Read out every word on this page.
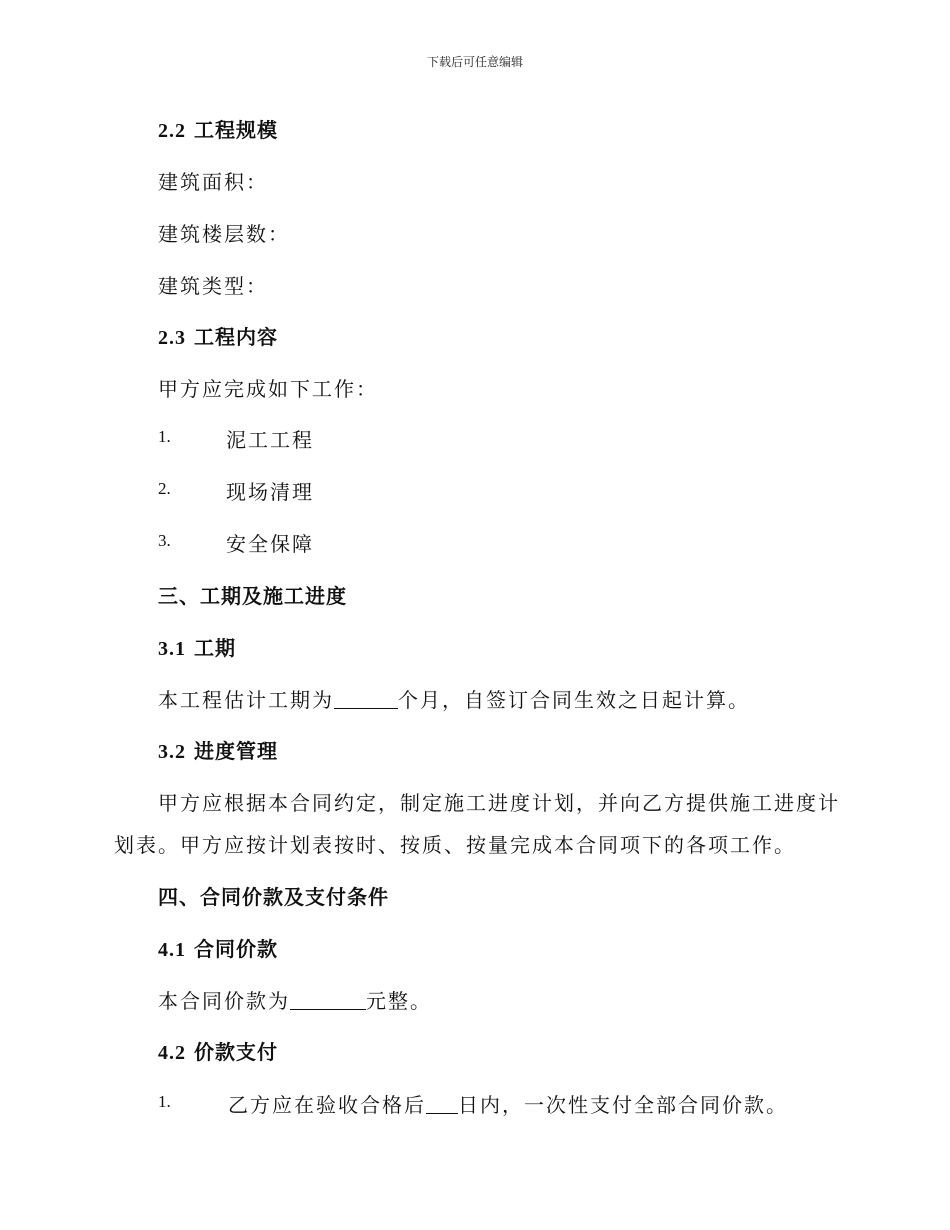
下载后可任意编辑
2.2 工程规模
建筑面积：
建筑楼层数：
建筑类型：
2.3 工程内容
甲方应完成如下工作：
1.	泥工工程
2.	现场清理
3.	安全保障
三、工期及施工进度
3.1 工期
本工程估计工期为	个月，自签订合同生效之日起计算。
3.2 进度管理
甲方应根据本合同约定，制定施工进度计划，并向乙方提供施工进度计
划表。甲方应按计划表按时、按质、按量完成本合同项下的各项工作。
四、合同价款及支付条件
4.1 合同价款
本合同价款为	元整。
4.2 价款支付
1.	乙方应在验收合格后 日内，一次性支付全部合同价款。
